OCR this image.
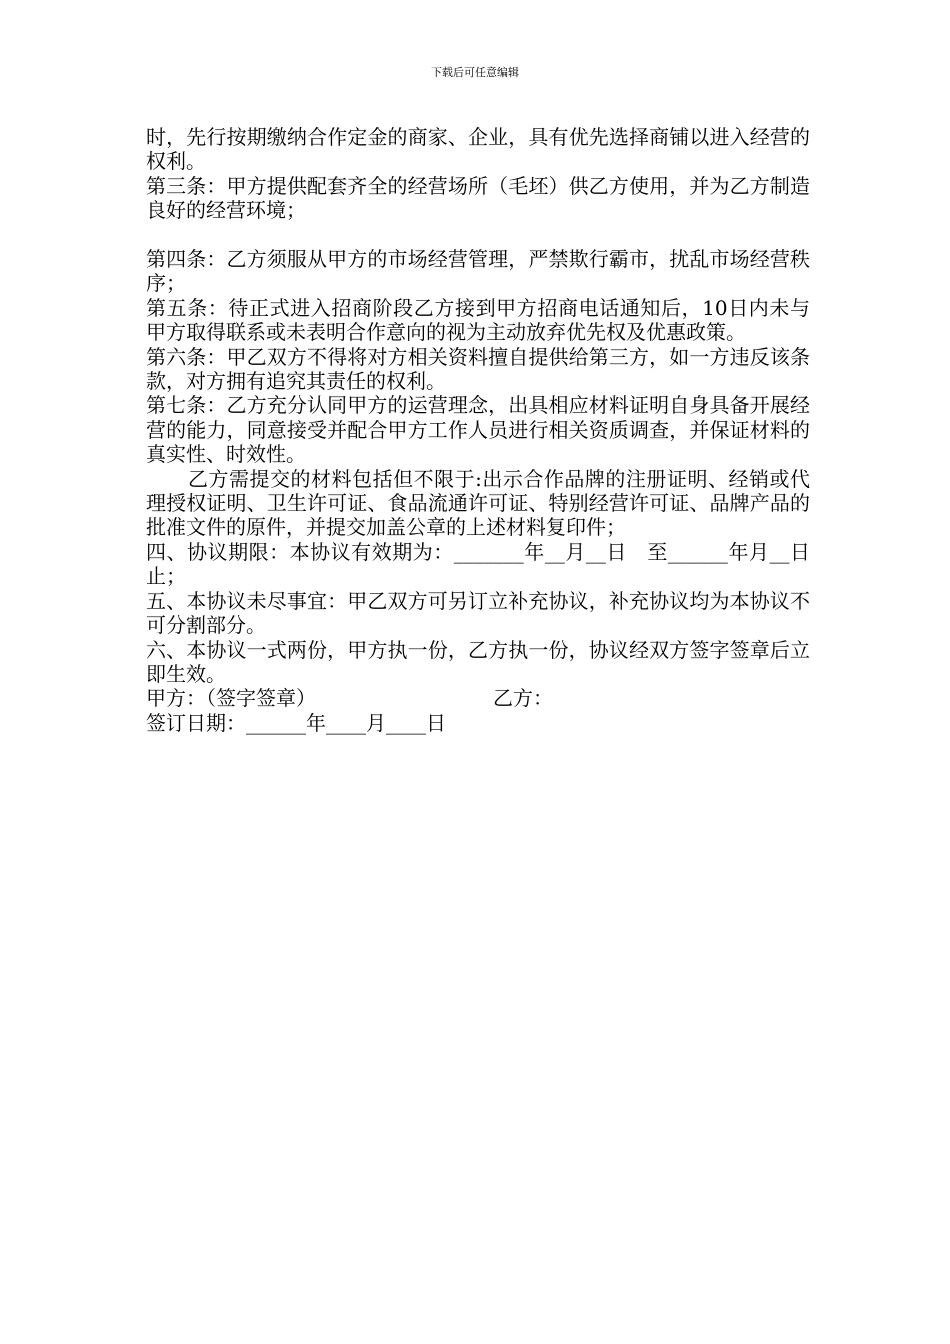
下载后可任意编辑

时，先行按期缴纳合作定金的商家、企业，具有优先选择商铺以进入经营的权利。

第三条：甲方提供配套齐全的经营场所（毛坯）供乙方使用，并为乙方制造良好的经营环境；

第四条：乙方须服从甲方的市场经营管理，严禁欺行霸市，扰乱市场经营秩序；

第五条：待正式进入招商阶段乙方接到甲方招商电话通知后，10日内未与甲方取得联系或未表明合作意向的视为主动放弃优先权及优惠政策。

第六条：甲乙双方不得将对方相关资料擅自提供给第三方，如一方违反该条款，对方拥有追究其责任的权利。

第七条：乙方充分认同甲方的运营理念，出具相应材料证明自身具备开展经营的能力，同意接受并配合甲方工作人员进行相关资质调查，并保证材料的真实性、时效性。

乙方需提交的材料包括但不限于:出示合作品牌的注册证明、经销或代理授权证明、卫生许可证、食品流通许可证、特别经营许可证、品牌产品的批准文件的原件，并提交加盖公章的上述材料复印件；

四、协议期限：本协议有效期为：_______年__月__日　至______年月__日止；

五、本协议未尽事宜：甲乙双方可另订立补充协议，补充协议均为本协议不可分割部分。

六、本协议一式两份，甲方执一份，乙方执一份，协议经双方签字签章后立即生效。

甲方：（签字签章）	乙方：

签订日期：______年____月____日
